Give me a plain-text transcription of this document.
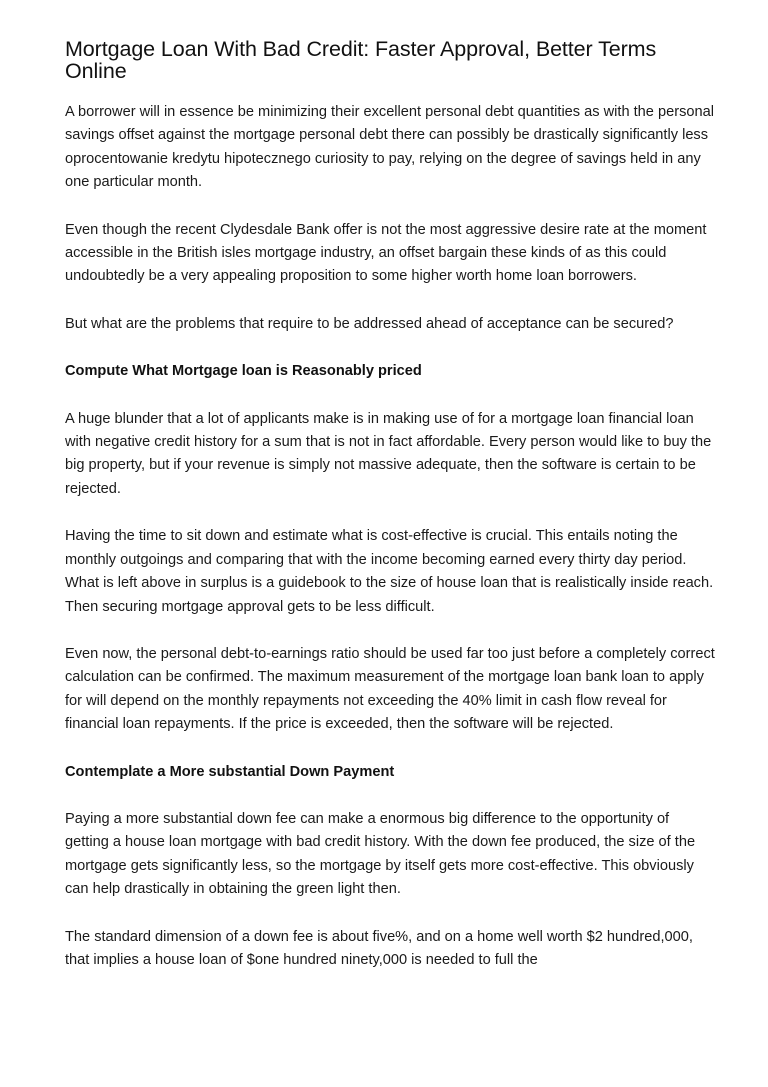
Mortgage Loan With Bad Credit: Faster Approval, Better Terms Online

A borrower will in essence be minimizing their excellent personal debt quantities as with the personal savings offset against the mortgage personal debt there can possibly be drastically significantly less oprocentowanie kredytu hipotecznego curiosity to pay, relying on the degree of savings held in any one particular month.

Even though the recent Clydesdale Bank offer is not the most aggressive desire rate at the moment accessible in the British isles mortgage industry, an offset bargain these kinds of as this could undoubtedly be a very appealing proposition to some higher worth home loan borrowers.

But what are the problems that require to be addressed ahead of acceptance can be secured?

Compute What Mortgage loan is Reasonably priced

A huge blunder that a lot of applicants make is in making use of for a mortgage loan financial loan with negative credit history for a sum that is not in fact affordable. Every person would like to buy the big property, but if your revenue is simply not massive adequate, then the software is certain to be rejected.

Having the time to sit down and estimate what is cost-effective is crucial. This entails noting the monthly outgoings and comparing that with the income becoming earned every thirty day period. What is left above in surplus is a guidebook to the size of house loan that is realistically inside reach. Then securing mortgage approval gets to be less difficult.

Even now, the personal debt-to-earnings ratio should be used far too just before a completely correct calculation can be confirmed. The maximum measurement of the mortgage loan bank loan to apply for will depend on the monthly repayments not exceeding the 40% limit in cash flow reveal for financial loan repayments. If the price is exceeded, then the software will be rejected.

Contemplate a More substantial Down Payment

Paying a more substantial down fee can make a enormous big difference to the opportunity of getting a house loan mortgage with bad credit history. With the down fee produced, the size of the mortgage gets significantly less, so the mortgage by itself gets more cost-effective. This obviously can help drastically in obtaining the green light then.

The standard dimension of a down fee is about five%, and on a home well worth $2 hundred,000, that implies a house loan of $one hundred ninety,000 is needed to full the
